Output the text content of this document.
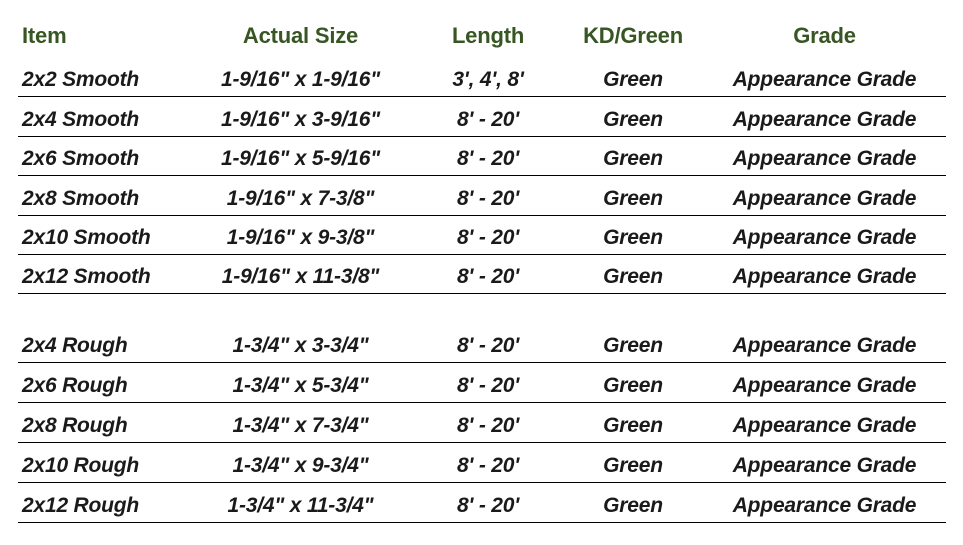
Item	Actual Size	Length	KD/Green	Grade
2x2 Smooth	1-9/16" x 1-9/16"	3', 4', 8'	Green	Appearance Grade
2x4 Smooth	1-9/16" x 3-9/16"	8' - 20'	Green	Appearance Grade
2x6 Smooth	1-9/16" x 5-9/16"	8' - 20'	Green	Appearance Grade
2x8 Smooth	1-9/16" x 7-3/8"	8' - 20'	Green	Appearance Grade
2x10 Smooth	1-9/16" x 9-3/8"	8' - 20'	Green	Appearance Grade
2x12 Smooth	1-9/16" x 11-3/8"	8' - 20'	Green	Appearance Grade
2x4 Rough	1-3/4" x 3-3/4"	8' - 20'	Green	Appearance Grade
2x6 Rough	1-3/4" x 5-3/4"	8' - 20'	Green	Appearance Grade
2x8 Rough	1-3/4" x 7-3/4"	8' - 20'	Green	Appearance Grade
2x10 Rough	1-3/4" x 9-3/4"	8' - 20'	Green	Appearance Grade
2x12 Rough	1-3/4" x 11-3/4"	8' - 20'	Green	Appearance Grade
